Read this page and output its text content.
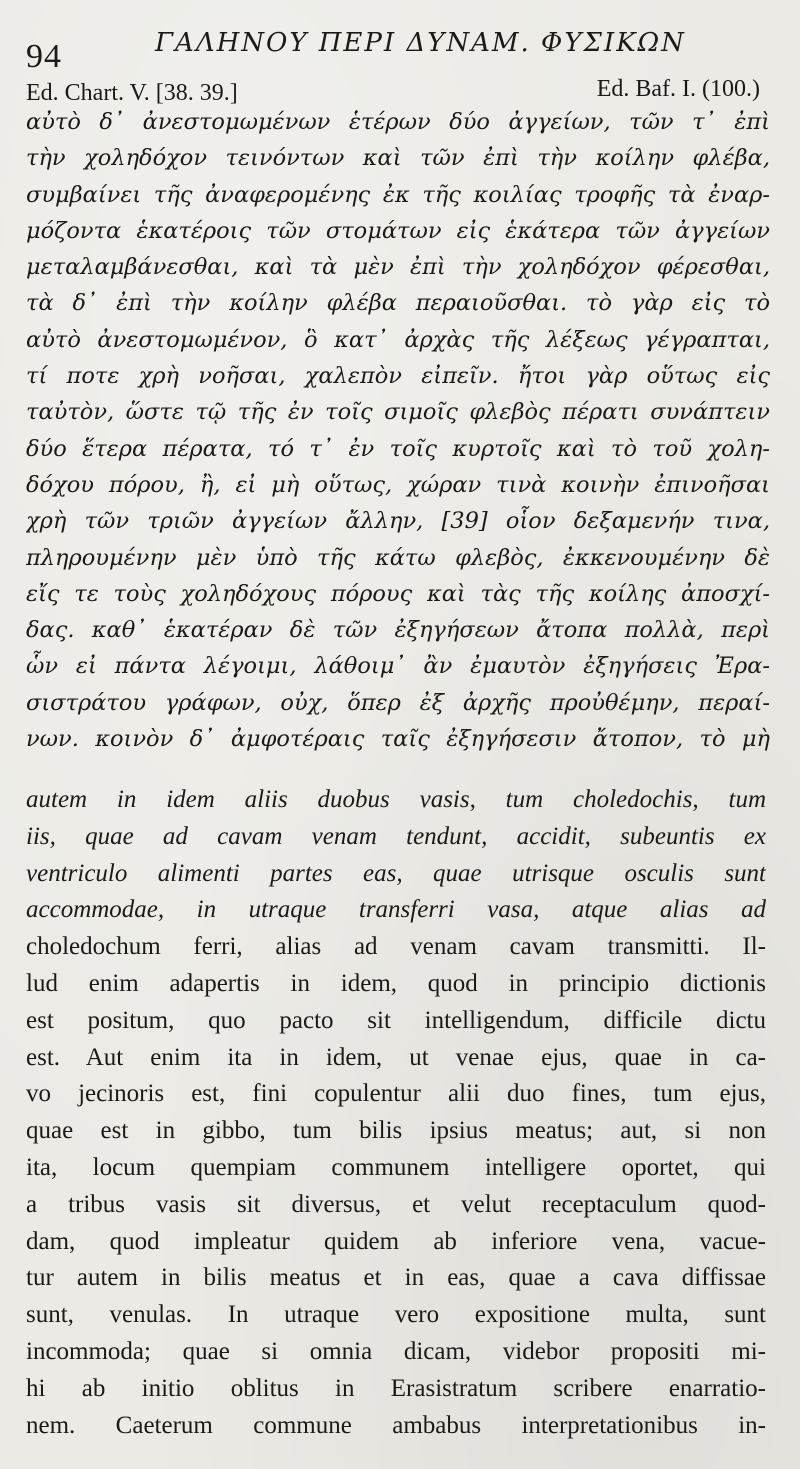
94	ΓΑΛΗΝΟΥ ΠΕΡΙ ΔΥΝΑΜ. ΦΥΣΙΚΩΝ
Ed. Chart. V. [38. 39.]	Ed. Baf. I. (100.)
αὐτὸ δ᾽ ἀνεστομωμένων ἑτέρων δύο ἀγγείων, τῶν τ᾽ ἐπὶ
τὴν χοληδόχον τεινόντων καὶ τῶν ἐπὶ τὴν κοίλην φλέβα,
συμβαίνει τῆς ἀναφερομένης ἐκ τῆς κοιλίας τροφῆς τὰ ἐναρ-
μόζοντα ἑκατέροις τῶν στομάτων εἰς ἑκάτερα τῶν ἀγγείων
μεταλαμβάνεσθαι, καὶ τὰ μὲν ἐπὶ τὴν χοληδόχον φέρεσθαι,
τὰ δ᾽ ἐπὶ τὴν κοίλην φλέβα περαιοῦσθαι. τὸ γὰρ εἰς τὸ
αὐτὸ ἀνεστομωμένον, ὃ κατ᾽ ἀρχὰς τῆς λέξεως γέγραπται,
τί ποτε χρὴ νοῆσαι, χαλεπὸν εἰπεῖν. ἤτοι γὰρ οὕτως εἰς
ταὐτὸν, ὥστε τῷ τῆς ἐν τοῖς σιμοῖς φλεβὸς πέρατι συνάπτειν
δύο ἕτερα πέρατα, τό τ᾽ ἐν τοῖς κυρτοῖς καὶ τὸ τοῦ χολη-
δόχου πόρου, ἢ, εἰ μὴ οὕτως, χώραν τινὰ κοινὴν ἐπινοῆσαι
χρὴ τῶν τριῶν ἀγγείων ἄλλην, [39] οἷον δεξαμενήν τινα,
πληρουμένην μὲν ὑπὸ τῆς κάτω φλεβὸς, ἐκκενουμένην δὲ
εἴς τε τοὺς χοληδόχους πόρους καὶ τὰς τῆς κοίλης ἀποσχί-
δας. καθ᾽ ἑκατέραν δὲ τῶν ἐξηγήσεων ἄτοπα πολλὰ, περὶ
ὧν εἰ πάντα λέγοιμι, λάθοιμ᾽ ἂν ἐμαυτὸν ἐξηγήσεις Ἐρα-
σιστράτου γράφων, οὐχ, ὅπερ ἐξ ἀρχῆς προὐθέμην, περαί-
νων. κοινὸν δ᾽ ἀμφοτέραις ταῖς ἐξηγήσεσιν ἄτοπον, τὸ μὴ
autem in idem aliis duobus vasis, tum choledochis, tum
iis, quae ad cavam venam tendunt, accidit, subeuntis ex
ventriculo alimenti partes eas, quae utrisque osculis sunt
accommodae, in utraque transferri vasa, atque alias ad
choledochum ferri, alias ad venam cavam transmitti. Il-
lud enim adapertis in idem, quod in principio dictionis
est positum, quo pacto sit intelligendum, difficile dictu
est. Aut enim ita in idem, ut venae ejus, quae in ca-
vo jecinoris est, fini copulentur alii duo fines, tum ejus,
quae est in gibbo, tum bilis ipsius meatus; aut, si non
ita, locum quempiam communem intelligere oportet, qui
a tribus vasis sit diversus, et velut receptaculum quod-
dam, quod impleatur quidem ab inferiore vena, vacue-
tur autem in bilis meatus et in eas, quae a cava diffissae
sunt, venulas. In utraque vero expositione multa, sunt
incommoda; quae si omnia dicam, videbor propositi mi-
hi ab initio oblitus in Erasistratum scribere enarratio-
nem. Caeterum commune ambabus interpretationibus in-
